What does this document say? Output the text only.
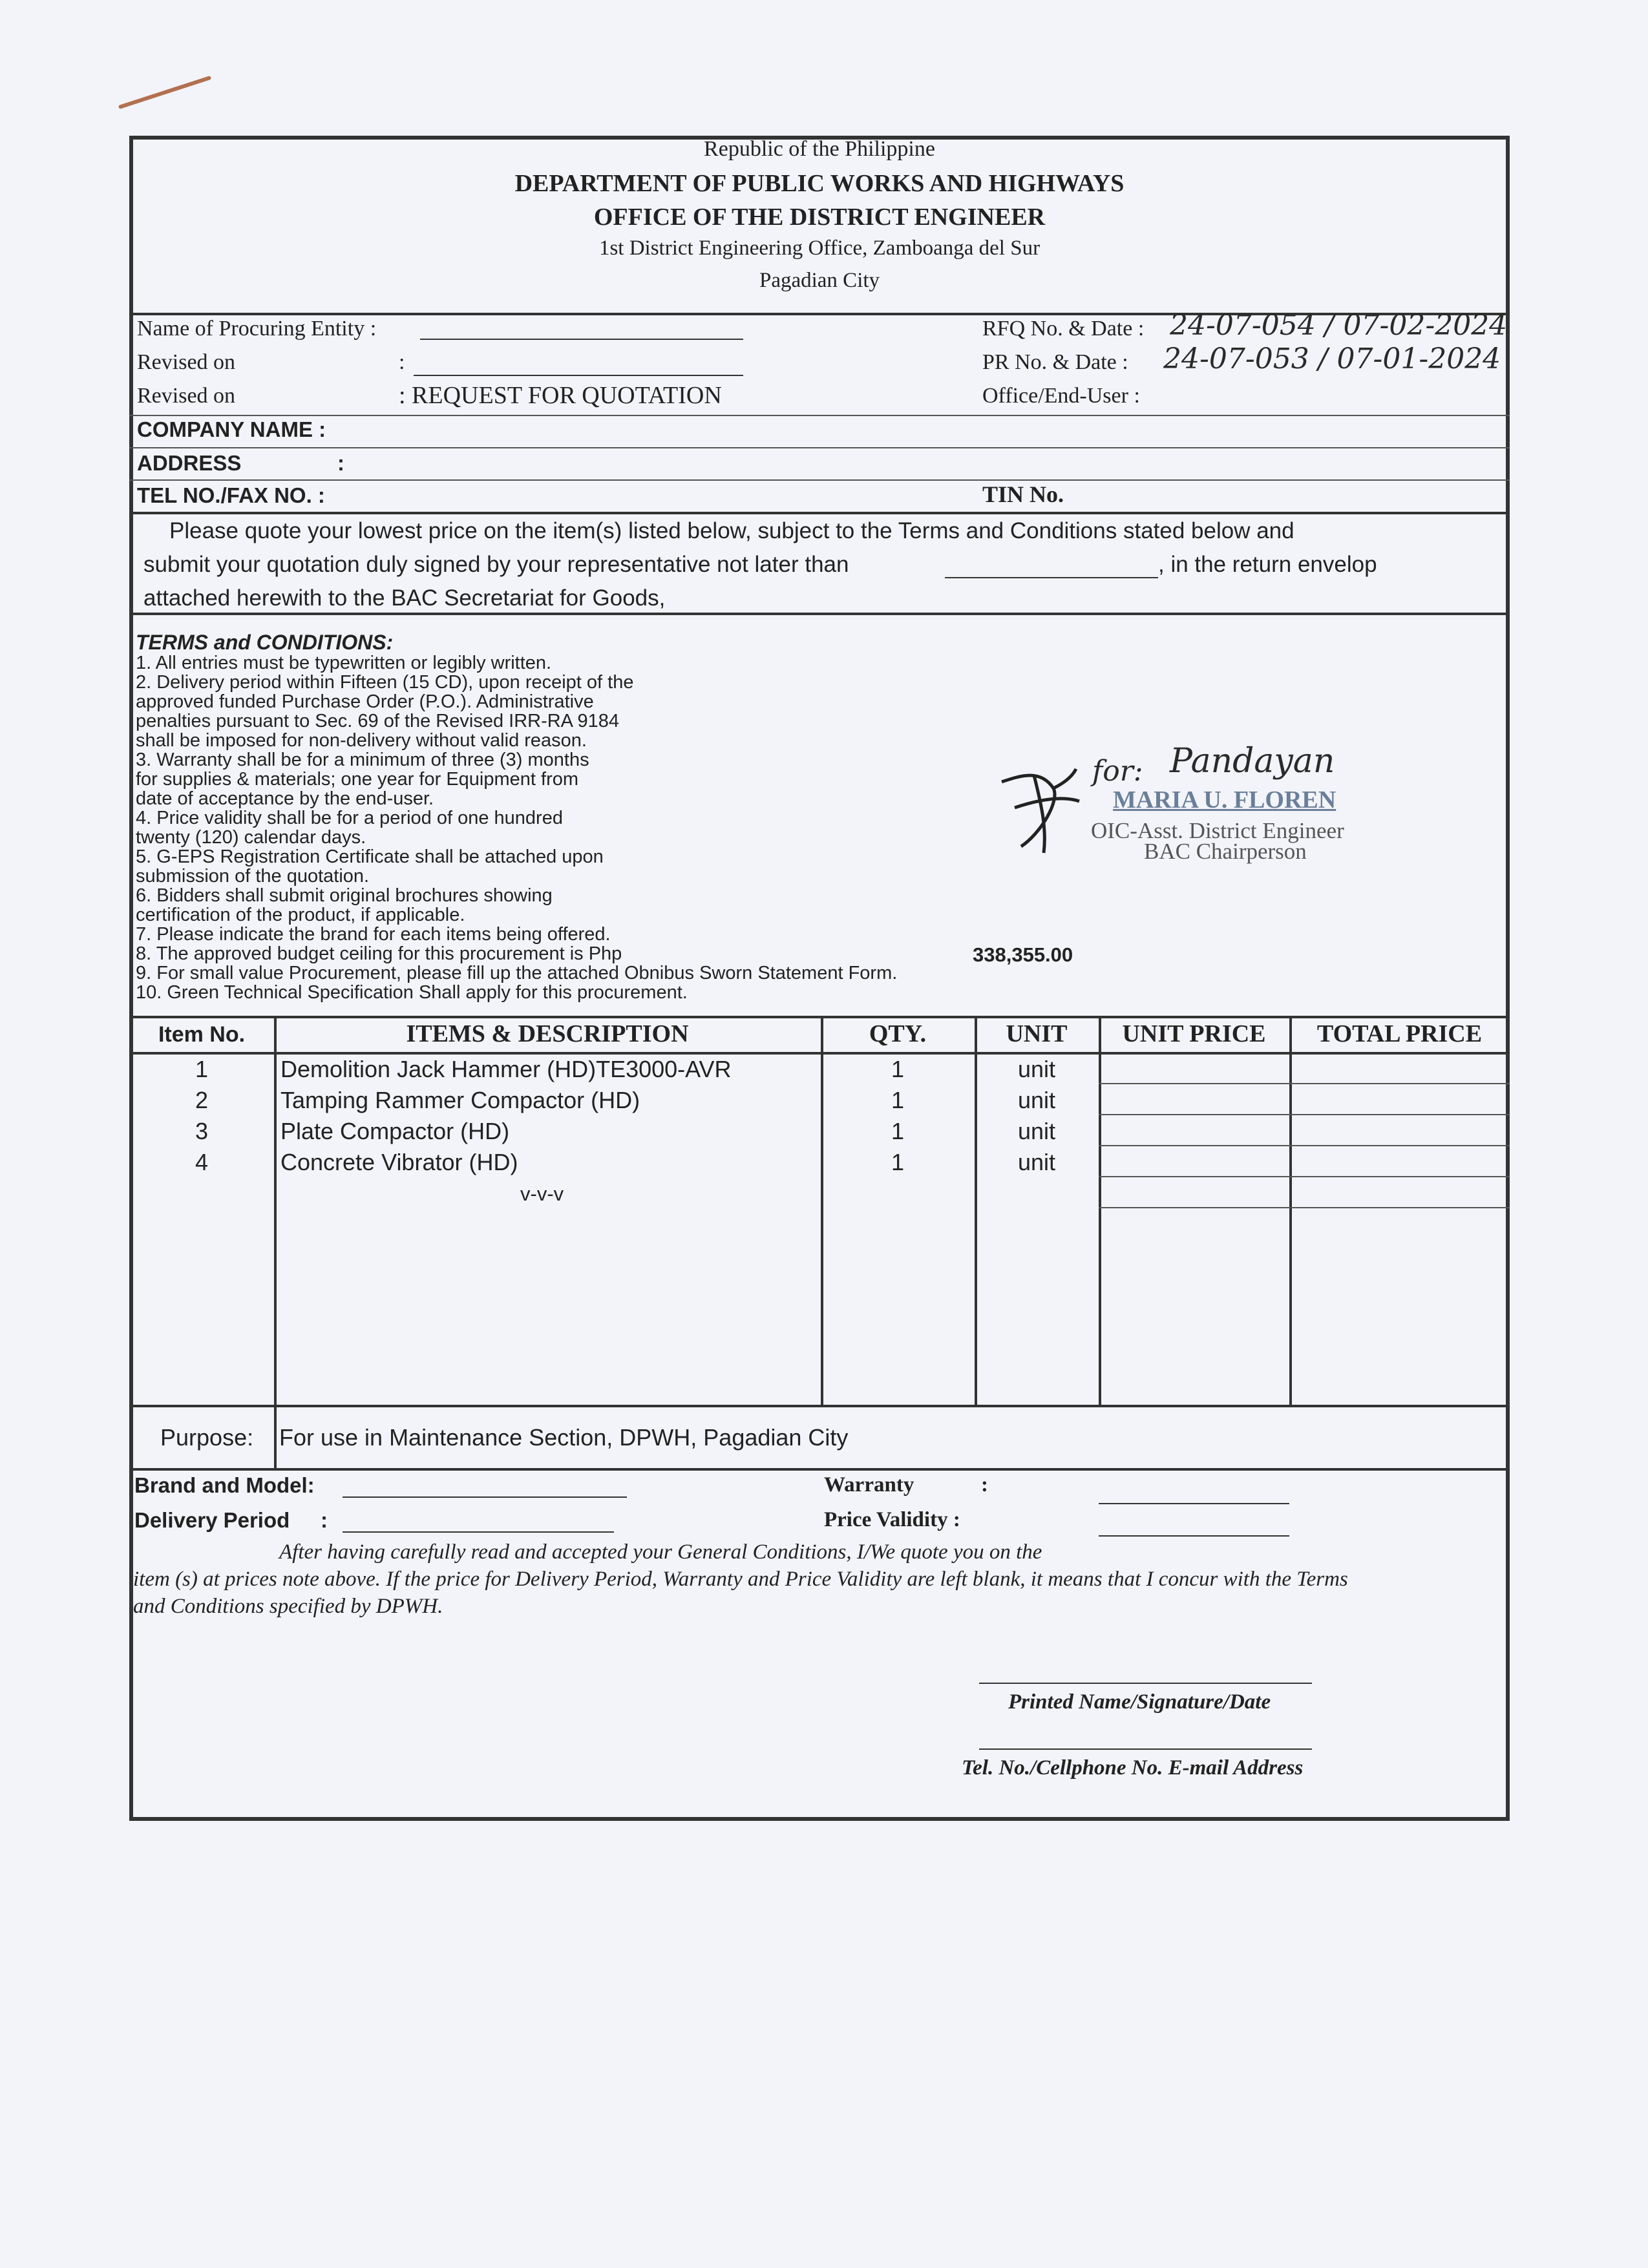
Republic of the Philippine
DEPARTMENT OF PUBLIC WORKS AND HIGHWAYS
OFFICE OF THE DISTRICT ENGINEER
1st District Engineering Office, Zamboanga del Sur
Pagadian City
Name of Procuring Entity :
Revised on	:
Revised on	: REQUEST FOR QUOTATION
RFQ No. & Date : 24-07-054 / 07-02-2024
PR No. & Date : 24-07-053 / 07-01-2024
Office/End-User :
COMPANY NAME :
ADDRESS	:
TEL NO./FAX NO. :	TIN No.
Please quote your lowest price on the item(s) listed below, subject to the Terms and Conditions stated below and
submit your quotation duly signed by your representative not later than	, in the return envelop
attached herewith to the BAC Secretariat for Goods,
TERMS and CONDITIONS:
1. All entries must be typewritten or legibly written.
2. Delivery period within Fifteen (15 CD), upon receipt of the
approved funded Purchase Order (P.O.). Administrative
penalties pursuant to Sec. 69 of the Revised IRR-RA 9184
shall be imposed for non-delivery without valid reason.
3. Warranty shall be for a minimum of three (3) months
for supplies & materials; one year for Equipment from
date of acceptance by the end-user.
4. Price validity shall be for a period of one hundred
twenty (120) calendar days.
5. G-EPS Registration Certificate shall be attached upon
submission of the quotation.
6. Bidders shall submit original brochures showing
certification of the product, if applicable.
7. Please indicate the brand for each items being offered.
8. The approved budget ceiling for this procurement is Php
9. For small value Procurement, please fill up the attached Obnibus Sworn Statement Form.
10. Green Technical Specification Shall apply for this procurement.
338,355.00
for: Pandayan
MARIA U. FLOREN
OIC-Asst. District Engineer
BAC Chairperson
Item No.	ITEMS & DESCRIPTION	QTY.	UNIT	UNIT PRICE	TOTAL PRICE
1	Demolition Jack Hammer (HD)TE3000-AVR	1	unit
2	Tamping Rammer Compactor (HD)	1	unit
3	Plate Compactor (HD)	1	unit
4	Concrete Vibrator (HD)	1	unit
v-v-v
Purpose: For use in Maintenance Section, DPWH, Pagadian City
Brand and Model:	Warranty	:
Delivery Period :	Price Validity :
After having carefully read and accepted your General Conditions, I/We quote you on the
item (s) at prices note above. If the price for Delivery Period, Warranty and Price Validity are left blank, it means that I concur with the Terms
and Conditions specified by DPWH.
Printed Name/Signature/Date
Tel. No./Cellphone No. E-mail Address
